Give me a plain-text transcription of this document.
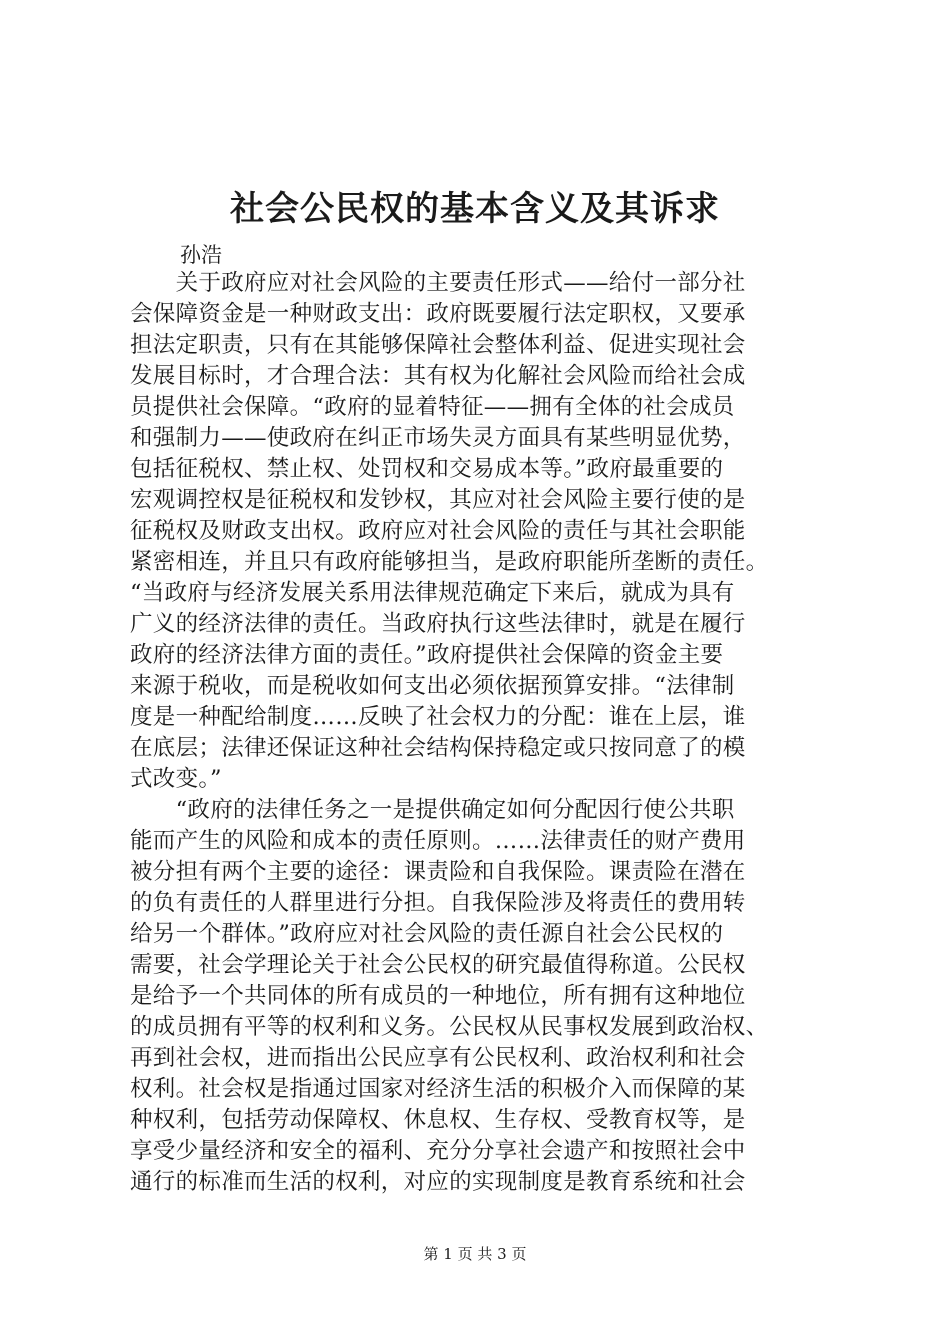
社会公民权的基本含义及其诉求
孙浩
　　关于政府应对社会风险的主要责任形式——给付一部分社
会保障资金是一种财政支出：政府既要履行法定职权，又要承
担法定职责，只有在其能够保障社会整体利益、促进实现社会
发展目标时，才合理合法：其有权为化解社会风险而给社会成
员提供社会保障。“政府的显着特征——拥有全体的社会成员
和强制力——使政府在纠正市场失灵方面具有某些明显优势，
包括征税权、禁止权、处罚权和交易成本等。”政府最重要的
宏观调控权是征税权和发钞权，其应对社会风险主要行使的是
征税权及财政支出权。政府应对社会风险的责任与其社会职能
紧密相连，并且只有政府能够担当，是政府职能所垄断的责任。
“当政府与经济发展关系用法律规范确定下来后，就成为具有
广义的经济法律的责任。当政府执行这些法律时，就是在履行
政府的经济法律方面的责任。”政府提供社会保障的资金主要
来源于税收，而是税收如何支出必须依据预算安排。“法律制
度是一种配给制度……反映了社会权力的分配：谁在上层，谁
在底层；法律还保证这种社会结构保持稳定或只按同意了的模
式改变。”
　　“政府的法律任务之一是提供确定如何分配因行使公共职
能而产生的风险和成本的责任原则。……法律责任的财产费用
被分担有两个主要的途径：课责险和自我保险。课责险在潜在
的负有责任的人群里进行分担。自我保险涉及将责任的费用转
给另一个群体。”政府应对社会风险的责任源自社会公民权的
需要，社会学理论关于社会公民权的研究最值得称道。公民权
是给予一个共同体的所有成员的一种地位，所有拥有这种地位
的成员拥有平等的权利和义务。公民权从民事权发展到政治权、
再到社会权，进而指出公民应享有公民权利、政治权利和社会
权利。社会权是指通过国家对经济生活的积极介入而保障的某
种权利，包括劳动保障权、休息权、生存权、受教育权等，是
享受少量经济和安全的福利、充分分享社会遗产和按照社会中
通行的标准而生活的权利，对应的实现制度是教育系统和社会
第 1 页 共 3 页
